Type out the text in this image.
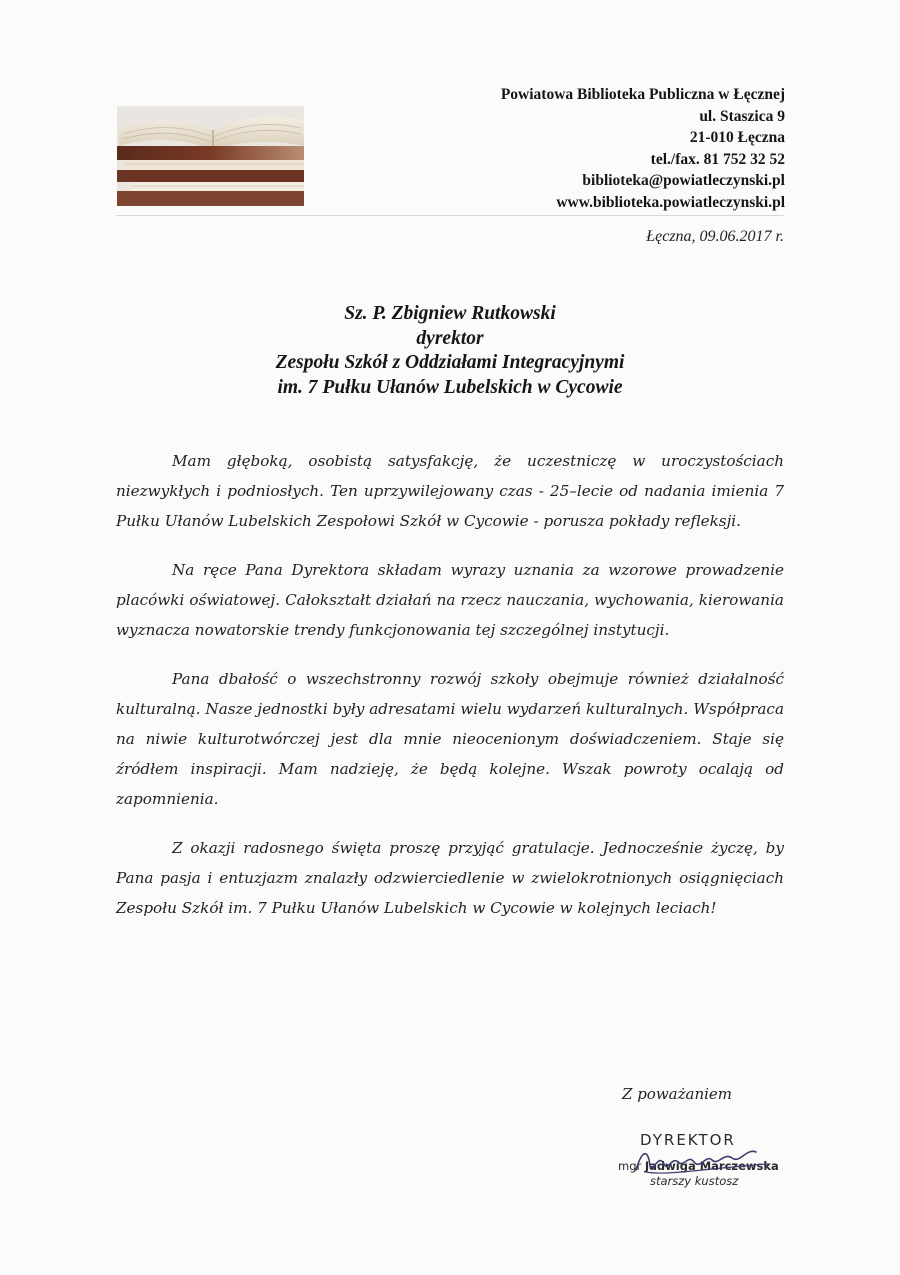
Powiatowa Biblioteka Publiczna w Łęcznej
ul. Staszica 9
21-010 Łęczna
tel./fax. 81 752 32 52
biblioteka@powiatleczynski.pl
www.biblioteka.powiatleczynski.pl
Łęczna, 09.06.2017 r.
Sz. P. Zbigniew Rutkowski
dyrektor
Zespołu Szkół z Oddziałami Integracyjnymi
im. 7 Pułku Ułanów Lubelskich w Cycowie

Mam głęboką, osobistą satysfakcję, że uczestniczę w uroczystościach niezwykłych i podniosłych. Ten uprzywilejowany czas - 25–lecie od nadania imienia 7 Pułku Ułanów Lubelskich Zespołowi Szkół w Cycowie - porusza pokłady refleksji.

Na ręce Pana Dyrektora składam wyrazy uznania za wzorowe prowadzenie placówki oświatowej. Całokształt działań na rzecz nauczania, wychowania, kierowania wyznacza nowatorskie trendy funkcjonowania tej szczególnej instytucji.

Pana dbałość o wszechstronny rozwój szkoły obejmuje również działalność kulturalną. Nasze jednostki były adresatami wielu wydarzeń kulturalnych. Współpraca na niwie kulturotwórczej jest dla mnie nieocenionym doświadczeniem. Staje się źródłem inspiracji. Mam nadzieję, że będą kolejne. Wszak powroty ocalają od zapomnienia.

Z okazji radosnego święta proszę przyjąć gratulacje. Jednocześnie życzę, by Pana pasja i entuzjazm znalazły odzwierciedlenie w zwielokrotnionych osiągnięciach Zespołu Szkół im. 7 Pułku Ułanów Lubelskich w Cycowie w kolejnych leciach!

Z poważaniem
DYREKTOR
mgr Jadwiga Marczewska
starszy kustosz
